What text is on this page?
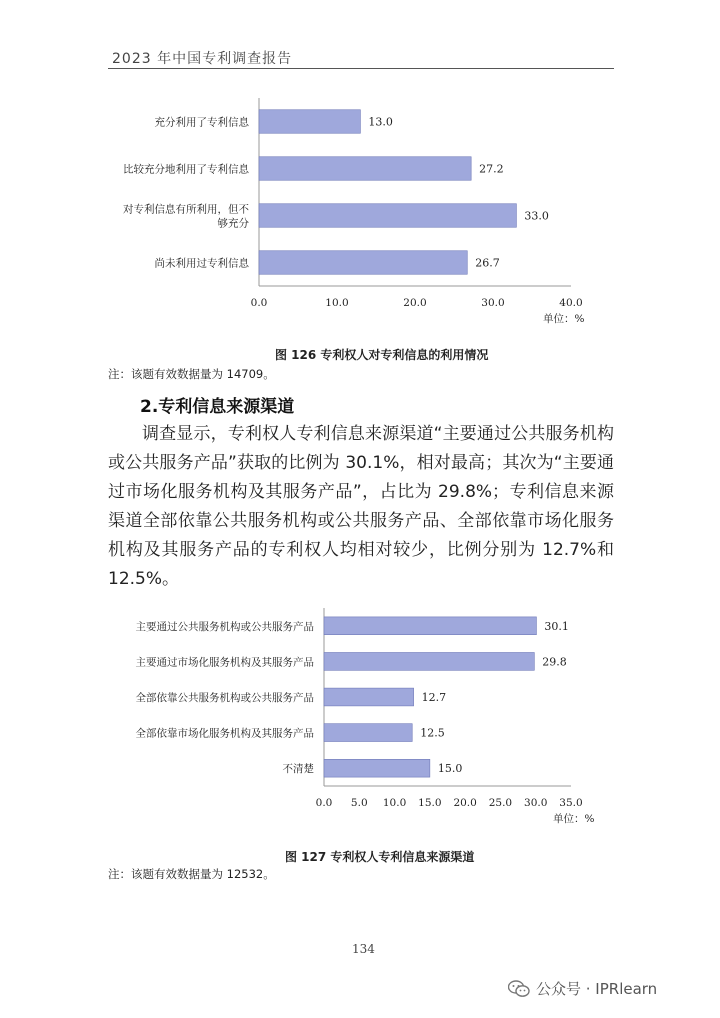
2023 年中国专利调查报告
13.0
充分利用了专利信息
27.2
比较充分地利用了专利信息
33.0
对专利信息有所利用，但不
够充分
26.7
尚未利用过专利信息
0.0	10.0	20.0	30.0	40.0
单位：%
图 126 专利权人对专利信息的利用情况
注：该题有效数据量为 14709。
2.专利信息来源渠道
调查显示，专利权人专利信息来源渠道“主要通过公共服务机构或公共服务产品”获取的比例为 30.1%，相对最高；其次为“主要通过市场化服务机构及其服务产品”，占比为 29.8%；专利信息来源渠道全部依靠公共服务机构或公共服务产品、全部依靠市场化服务机构及其服务产品的专利权人均相对较少，比例分别为 12.7%和 12.5%。
30.1
主要通过公共服务机构或公共服务产品
29.8
主要通过市场化服务机构及其服务产品
12.7
全部依靠公共服务机构或公共服务产品
12.5
全部依靠市场化服务机构及其服务产品
15.0
不清楚
0.0 5.0 10.0 15.0 20.0 25.0 30.0 35.0
单位：%
图 127 专利权人专利信息来源渠道
注：该题有效数据量为 12532。
134
公众号 · IPRlearn
